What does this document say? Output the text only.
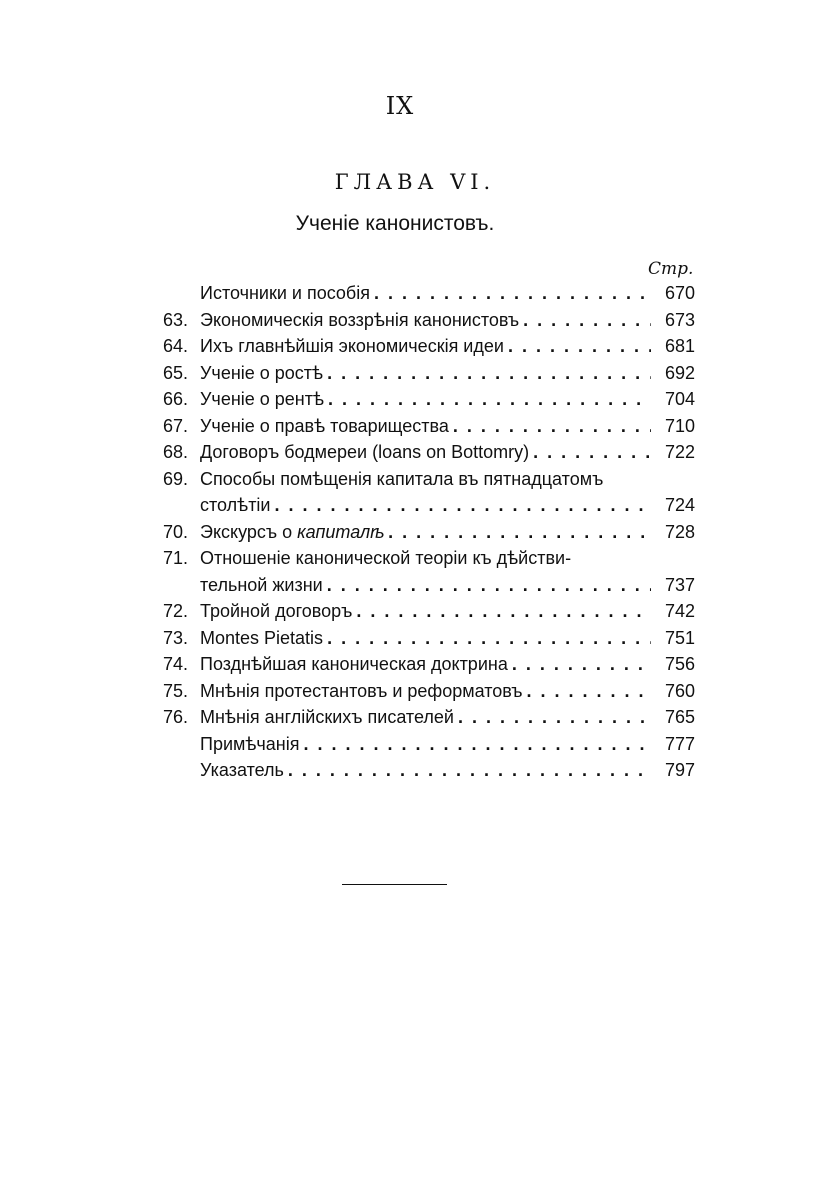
IX
ГЛАВА VI.
Ученіе канонистовъ.
Стр.
Источники и пособія . . .	670
63. Экономическія воззрѣнія канонистовъ . . .	673
64. Ихъ главнѣйшія экономическія идеи . . .	681
65. Ученіе о ростѣ . . .	692
66. Ученіе о рентѣ . . .	704
67. Ученіе о правѣ товарищества . . .	710
68. Договоръ бодмереи (loans on Bottomry) . . .	722
69. Способы помѣщенія капитала въ пятнадцатомъ
столѣтіи . . .	724
70. Экскурсъ о капиталѣ . . .	728
71. Отношеніе канонической теоріи къ дѣйстви-
тельной жизни . . .	737
72. Тройной договоръ . . .	742
73. Montes Pietatis . . .	751
74. Позднѣйшая каноническая доктрина . . .	756
75. Мнѣнія протестантовъ и реформатовъ . . .	760
76. Мнѣнія англійскихъ писателей . . .	765
Примѣчанія . . .	777
Указатель . . .	797
